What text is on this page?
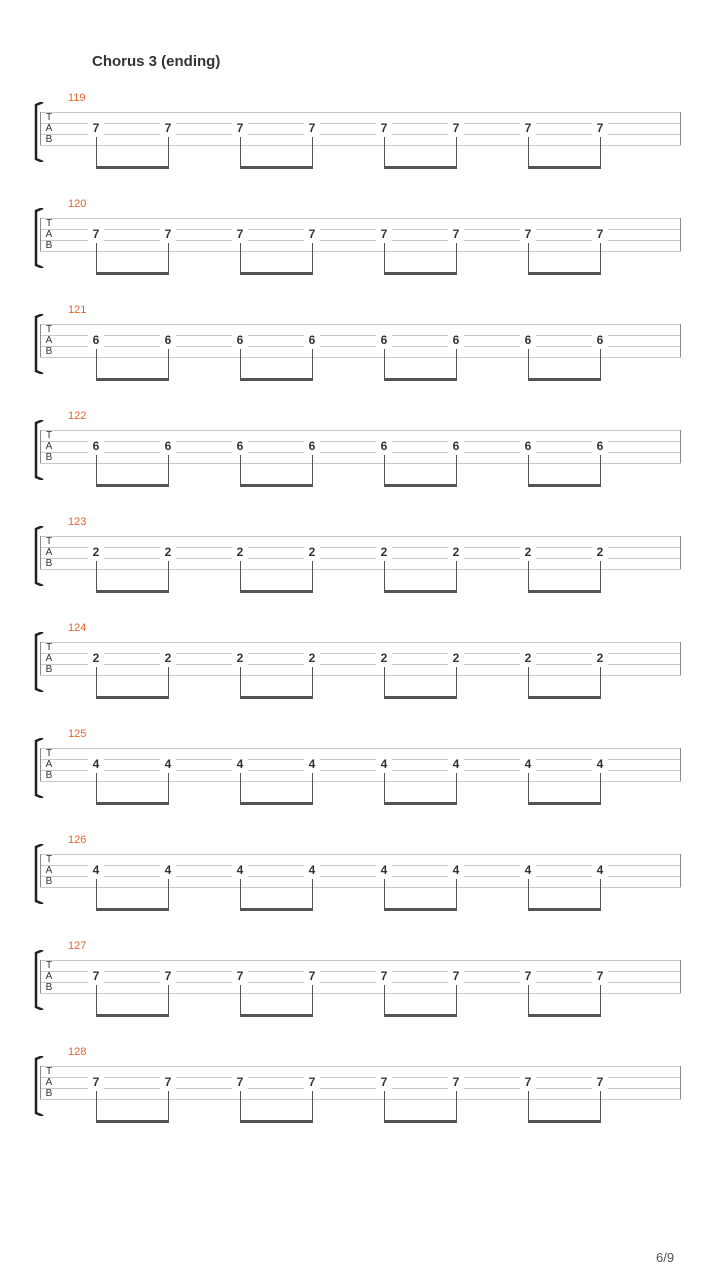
Chorus 3 (ending)
119
T
A
B
7	7	7	7	7	7	7	7
120
T
A
B
7	7	7	7	7	7	7	7
121
T
A
B
6	6	6	6	6	6	6	6
122
T
A
B
6	6	6	6	6	6	6	6
123
T
A
B
2	2	2	2	2	2	2	2
124
T
A
B
2	2	2	2	2	2	2	2
125
T
A
B
4	4	4	4	4	4	4	4
126
T
A
B
4	4	4	4	4	4	4	4
127
T
A
B
7	7	7	7	7	7	7	7
128
T
A
B
7	7	7	7	7	7	7	7
6/9
